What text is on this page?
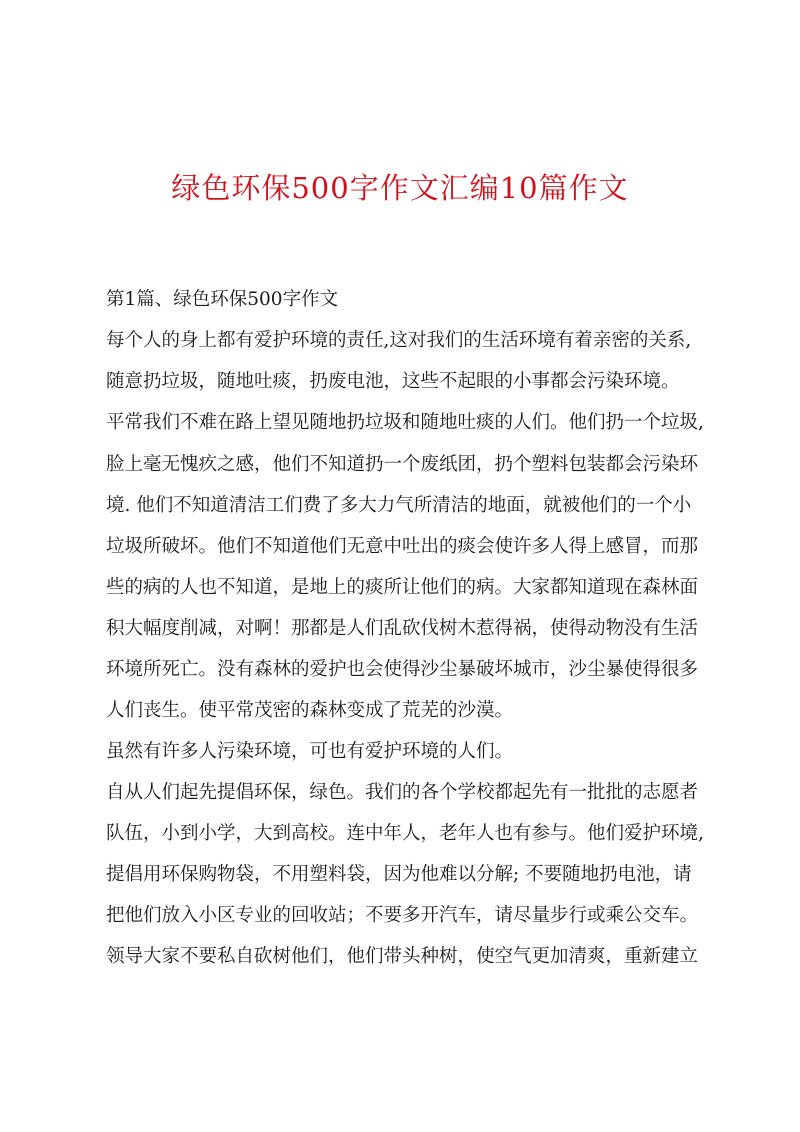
绿色环保500字作文汇编10篇作文
第1篇、绿色环保500字作文
每个人的身上都有爱护环境的责任,这对我们的生活环境有着亲密的关系,
随意扔垃圾，随地吐痰，扔废电池，这些不起眼的小事都会污染环境。
平常我们不难在路上望见随地扔垃圾和随地吐痰的人们。他们扔一个垃圾,
脸上毫无愧疚之感，他们不知道扔一个废纸团，扔个塑料包装都会污染环
境. 他们不知道清洁工们费了多大力气所清洁的地面，就被他们的一个小
垃圾所破坏。他们不知道他们无意中吐出的痰会使许多人得上感冒，而那
些的病的人也不知道，是地上的痰所让他们的病。大家都知道现在森林面
积大幅度削减，对啊！那都是人们乱砍伐树木惹得祸，使得动物没有生活
环境所死亡。没有森林的爱护也会使得沙尘暴破坏城市，沙尘暴使得很多
人们丧生。使平常茂密的森林变成了荒芜的沙漠。
虽然有许多人污染环境，可也有爱护环境的人们。
自从人们起先提倡环保，绿色。我们的各个学校都起先有一批批的志愿者
队伍，小到小学，大到高校。连中年人，老年人也有参与。他们爱护环境,
提倡用环保购物袋，不用塑料袋，因为他难以分解; 不要随地扔电池，请
把他们放入小区专业的回收站；不要多开汽车，请尽量步行或乘公交车。
领导大家不要私自砍树他们，他们带头种树，使空气更加清爽，重新建立
